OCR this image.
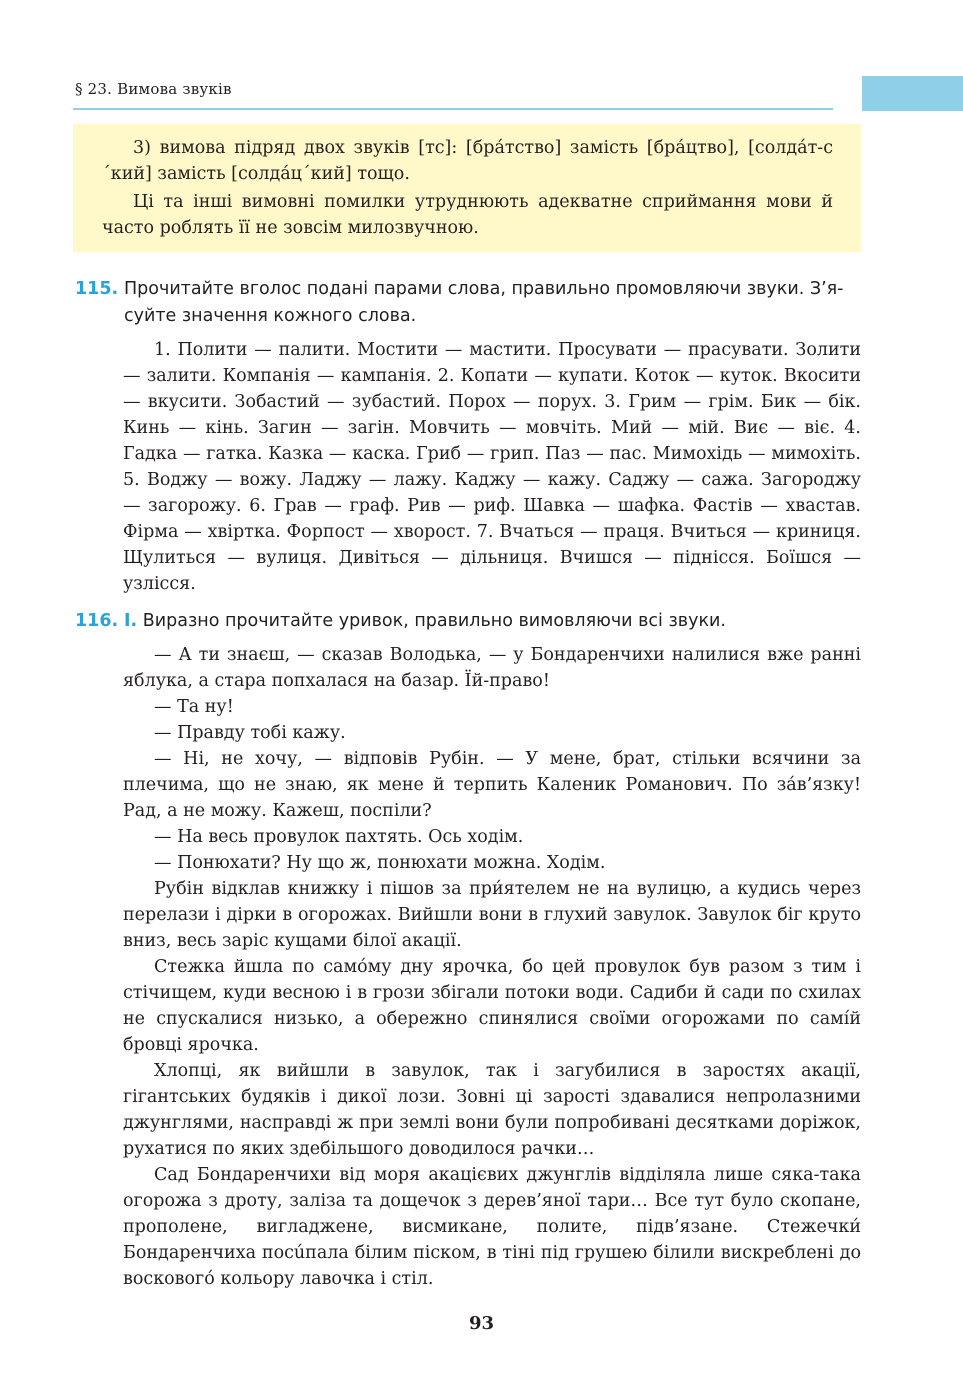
§ 23. Вимова звуків

3) вимова підряд двох звуків [тс]: [бра́тство] замість [бра́цтво], [солда́т-с´кий] замість [солда́ц´кий] тощо.

Ці та інші вимовні помилки утруднюють адекватне сприймання мови й часто роблять її не зовсім милозвучною.

115. Прочитайте вголос подані парами слова, правильно промовляючи звуки. З’я-
суйте значення кожного слова.

1. Полити — палити. Мостити — мастити. Просувати — прасувати. Золити — залити. Компанія — кампанія. 2. Копати — купати. Коток — куток. Вкосити — вкусити. Зобастий — зубастий. Порох — порух. 3. Грим — грім. Бик — бік. Кинь — кінь. Загин — загін. Мовчить — мовчіть. Мий — мій. Виє — віє. 4. Гадка — гатка. Казка — каска. Гриб — грип. Паз — пас. Мимохідь — мимохіть. 5. Воджу — вожу. Ладжу — лажу. Каджу — кажу. Саджу — сажа. Загороджу — загорожу. 6. Грав — граф. Рив — риф. Шавка — шафка. Фастів — хвастав. Фірма — хвіртка. Форпост — хворост. 7. Вчаться — праця. Вчиться — криниця. Щулиться — вулиця. Дивіться — дільниця. Вчишся — піднісся. Боїшся — узлісся.

116. І. Виразно прочитайте уривок, правильно вимовляючи всі звуки.

— А ти знаєш, — сказав Володька, — у Бондаренчихи налилися вже ранні яблука, а стара попхалася на базар. Їй-право!

— Та ну!

— Правду тобі кажу.

— Ні, не хочу, — відповів Рубін. — У мене, брат, стільки всячини за плечима, що не знаю, як мене й терпить Каленик Романович. По за́в’язку! Рад, а не можу. Кажеш, поспіли?

— На весь провулок пахтять. Ось ходім.

— Понюхати? Ну що ж, понюхати можна. Ходім.

Рубін відклав книжку і пішов за при́ятелем не на вулицю, а кудись через перелази і дірки в огорожах. Вийшли вони в глухий завулок. Завулок біг круто вниз, весь заріс кущами білої акації.

Стежка йшла по самóму дну ярочка, бо цей провулок був разом з тим і стічищем, куди весною і в грози збігали потоки води. Садиби й сади по схилах не спускалися низько, а обережно спинялися своїми огорожами по самíй бровці ярочка.

Хлопці, як вийшли в завулок, так і загубилися в заростях акації, гігантських будяків і дикої лози. Зовні ці зарості здавалися непролазними джунглями, насправді ж при землі вони були попробивані десятками доріжок, рухатися по яких здебільшого доводилося рачки…

Сад Бондаренчихи від моря акацієвих джунглів відділяла лише сяка-така огорожа з дроту, заліза та дощечок з дерев’яної тари… Все тут було скопане, прополене, вигладжене, висмикане, полите, підв’язане. Стежечки́ Бондаренчиха посúпала білим піском, в тіні під грушею білили вискреблені до воскового́ кольору лавочка і стіл.

93
